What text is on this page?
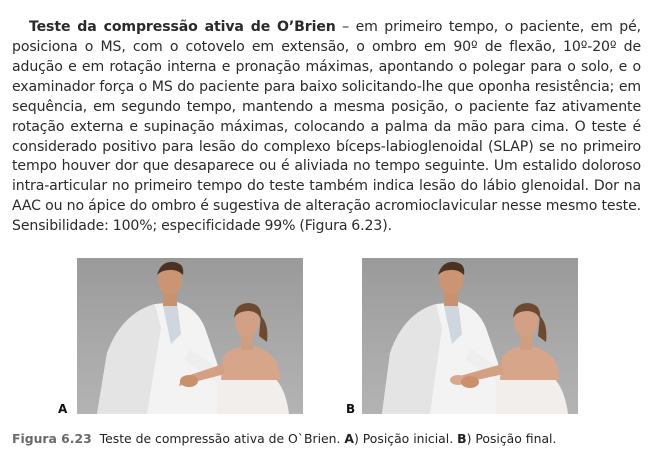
Teste da compressão ativa de O’Brien – em primeiro tempo, o paciente, em pé, posiciona o MS, com o cotovelo em extensão, o ombro em 90º de flexão, 10º-20º de adução e em rotação interna e pronação máximas, apontando o polegar para o solo, e o examinador força o MS do paciente para baixo solicitando-lhe que oponha resistência; em sequência, em segundo tempo, mantendo a mesma posição, o paciente faz ativamente rotação externa e supinação máximas, colocando a palma da mão para cima. O teste é considerado positivo para lesão do complexo bíceps-labioglenoidal (SLAP) se no primeiro tempo houver dor que desaparece ou é aliviada no tempo seguinte. Um estalido doloroso intra-articular no primeiro tempo do teste também indica lesão do lábio glenoidal. Dor na AAC ou no ápice do ombro é sugestiva de alteração acromioclavicular nesse mesmo teste. Sensibilidade: 100%; especificidade 99% (Figura 6.23).

A	B
Figura 6.23 Teste de compressão ativa de O`Brien. A) Posição inicial. B) Posição final.
